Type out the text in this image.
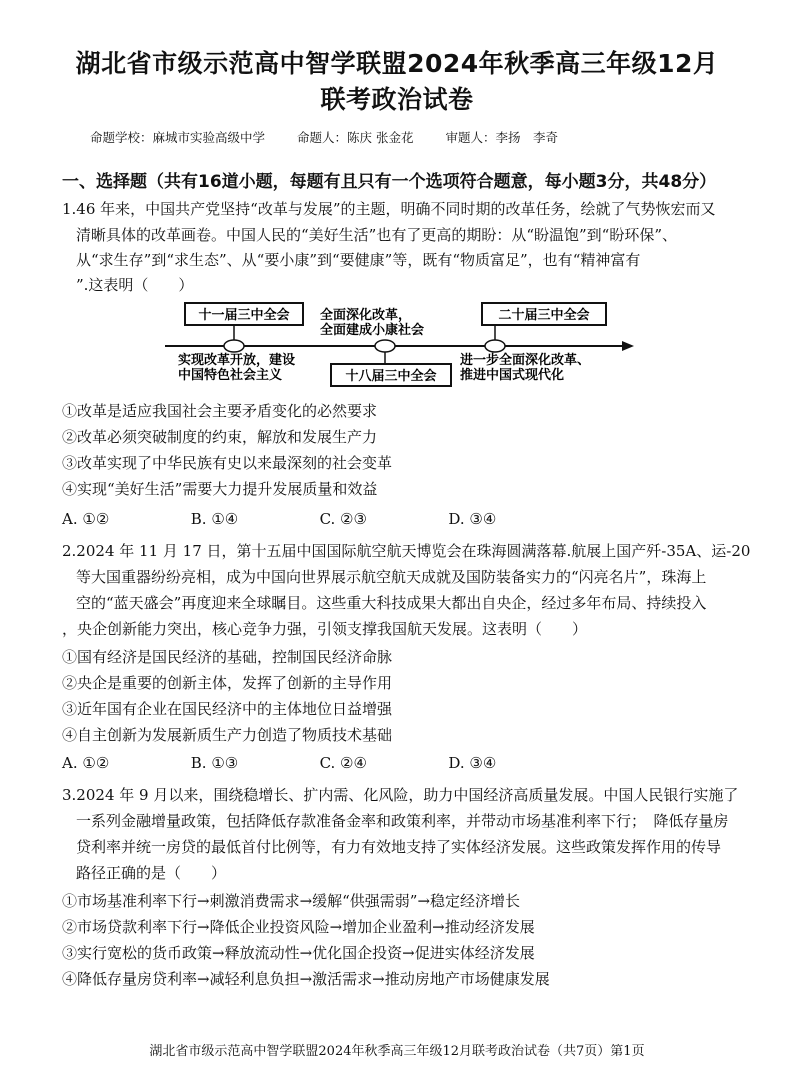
湖北省市级示范高中智学联盟2024年秋季高三年级12月
联考政治试卷
命题学校：麻城市实验高级中学	命题人：陈庆 张金花	审题人：李扬　李奇
一、选择题（共有16道小题，每题有且只有一个选项符合题意，每小题3分，共48分）
1.46 年来，中国共产党坚持“改革与发展”的主题，明确不同时期的改革任务，绘就了气势恢宏而又
清晰具体的改革画卷。中国人民的“美好生活”也有了更高的期盼：从“盼温饱”到“盼环保”、
从“求生存”到“求生态”、从“要小康”到“要健康”等，既有“物质富足”，也有“精神富有
”.这表明（　　）
十一届三中全会
实现改革开放，建设
中国特色社会主义
全面深化改革，
全面建成小康社会
十八届三中全会
二十届三中全会
进一步全面深化改革、
推进中国式现代化
①改革是适应我国社会主要矛盾变化的必然要求
②改革必须突破制度的约束，解放和发展生产力
③改革实现了中华民族有史以来最深刻的社会变革
④实现“美好生活”需要大力提升发展质量和效益
A. ①②	B. ①④	C. ②③	D. ③④
2.2024 年 11 月 17 日，第十五届中国国际航空航天博览会在珠海圆满落幕.航展上国产歼-35A、运-20
等大国重器纷纷亮相，成为中国向世界展示航空航天成就及国防装备实力的“闪亮名片”，珠海上
空的“蓝天盛会”再度迎来全球瞩目。这些重大科技成果大都出自央企，经过多年布局、持续投入
，央企创新能力突出，核心竞争力强，引领支撑我国航天发展。这表明（　　）
①国有经济是国民经济的基础，控制国民经济命脉
②央企是重要的创新主体，发挥了创新的主导作用
③近年国有企业在国民经济中的主体地位日益增强
④自主创新为发展新质生产力创造了物质技术基础
A. ①②	B. ①③	C. ②④	D. ③④
3.2024 年 9 月以来，围绕稳增长、扩内需、化风险，助力中国经济高质量发展。中国人民银行实施了
一系列金融增量政策，包括降低存款准备金率和政策利率，并带动市场基准利率下行；　降低存量房
贷利率并统一房贷的最低首付比例等，有力有效地支持了实体经济发展。这些政策发挥作用的传导
路径正确的是（　　）
①市场基准利率下行→刺激消费需求→缓解“供强需弱”→稳定经济增长
②市场贷款利率下行→降低企业投资风险→增加企业盈利→推动经济发展
③实行宽松的货币政策→释放流动性→优化国企投资→促进实体经济发展
④降低存量房贷利率→减轻利息负担→激活需求→推动房地产市场健康发展
湖北省市级示范高中智学联盟2024年秋季高三年级12月联考政治试卷（共7页）第1页
